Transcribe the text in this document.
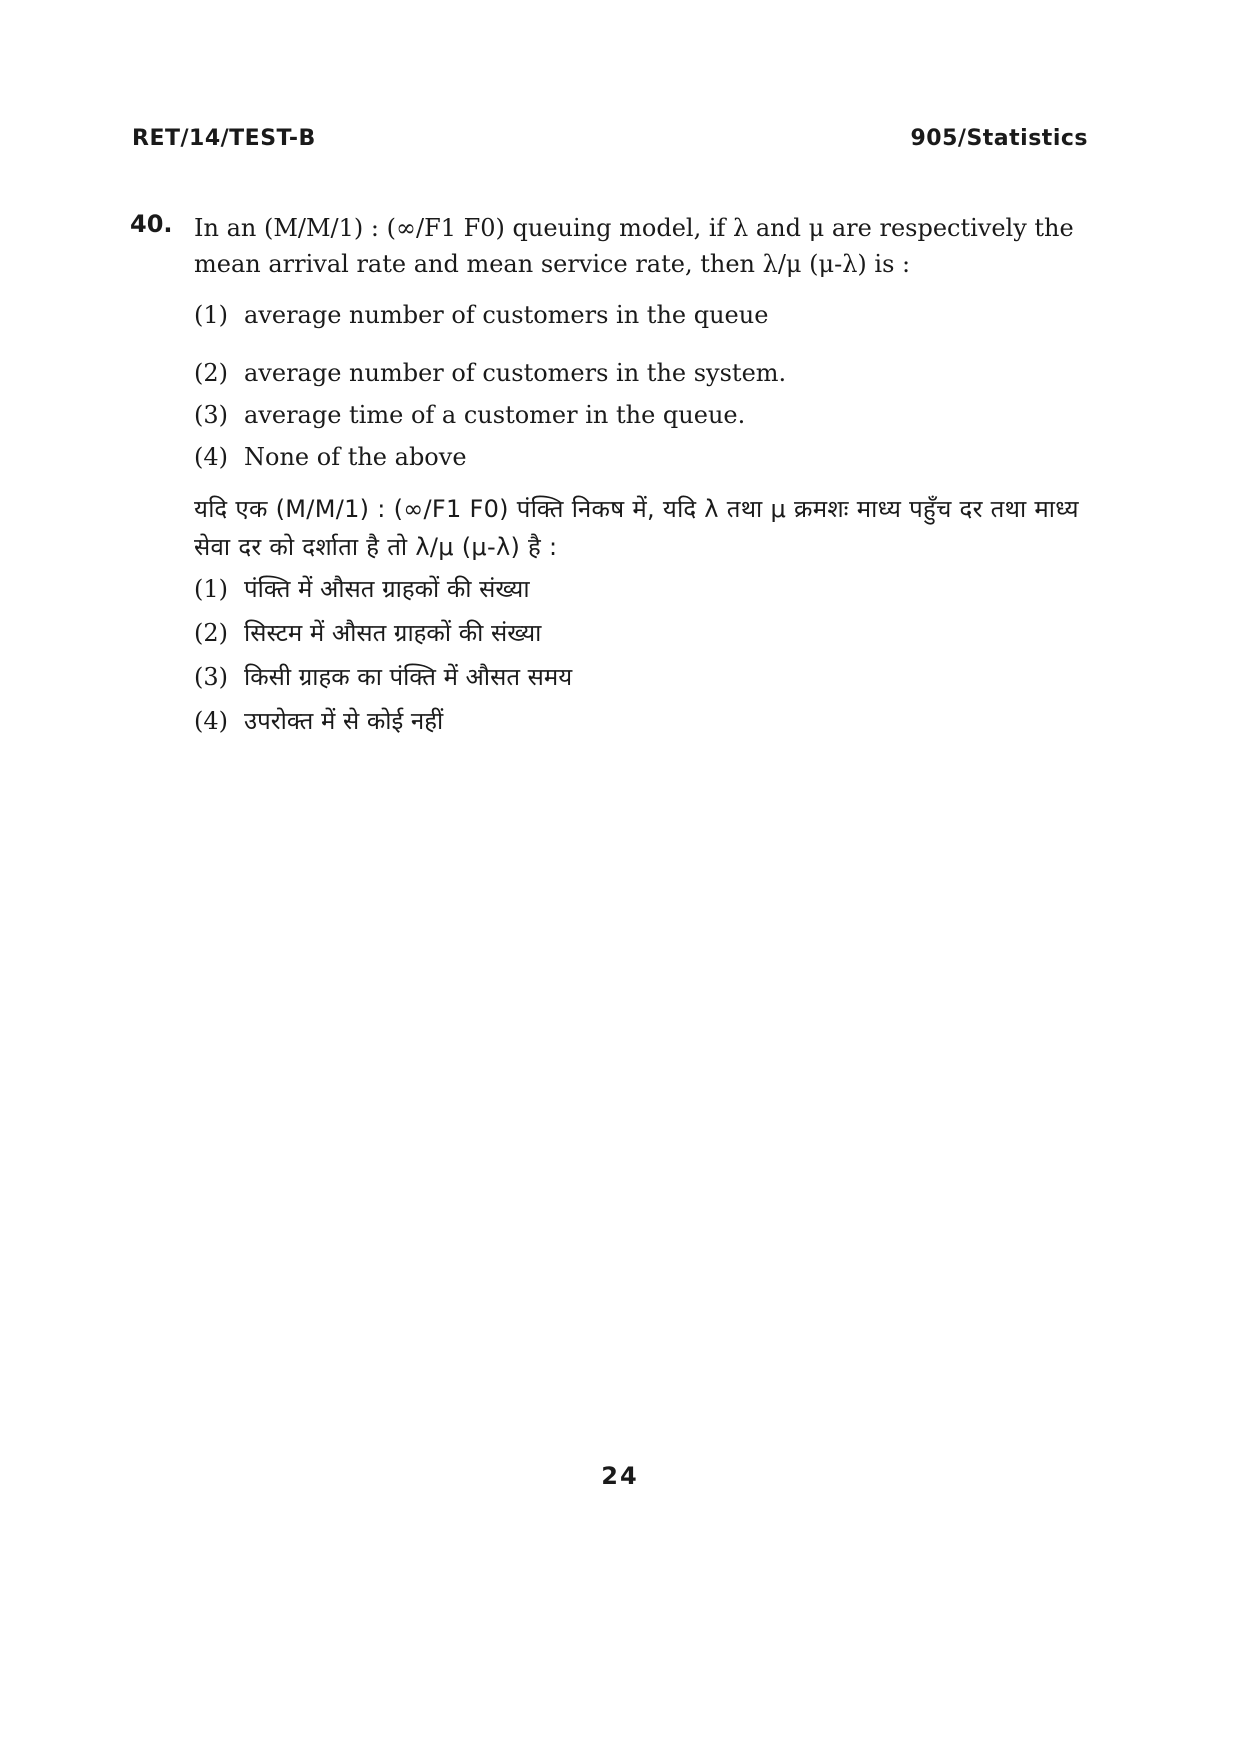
RET/14/TEST-B	905/Statistics
40. In an (M/M/1) : (∞/F1 F0) queuing model, if λ and μ are respectively the mean arrival rate and mean service rate, then λ/μ (μ-λ) is :
(1) average number of customers in the queue
(2) average number of customers in the system.
(3) average time of a customer in the queue.
(4) None of the above
यदि एक (M/M/1) : (∞/F1 F0) पंक्ति निकष में, यदि λ तथा μ क्रमशः माध्य पहुँच दर तथा माध्य सेवा दर को दर्शाता है तो λ/μ (μ-λ) है :
(1) पंक्ति में औसत ग्राहकों की संख्या
(2) सिस्टम में औसत ग्राहकों की संख्या
(3) किसी ग्राहक का पंक्ति में औसत समय
(4) उपरोक्त में से कोई नहीं
24
